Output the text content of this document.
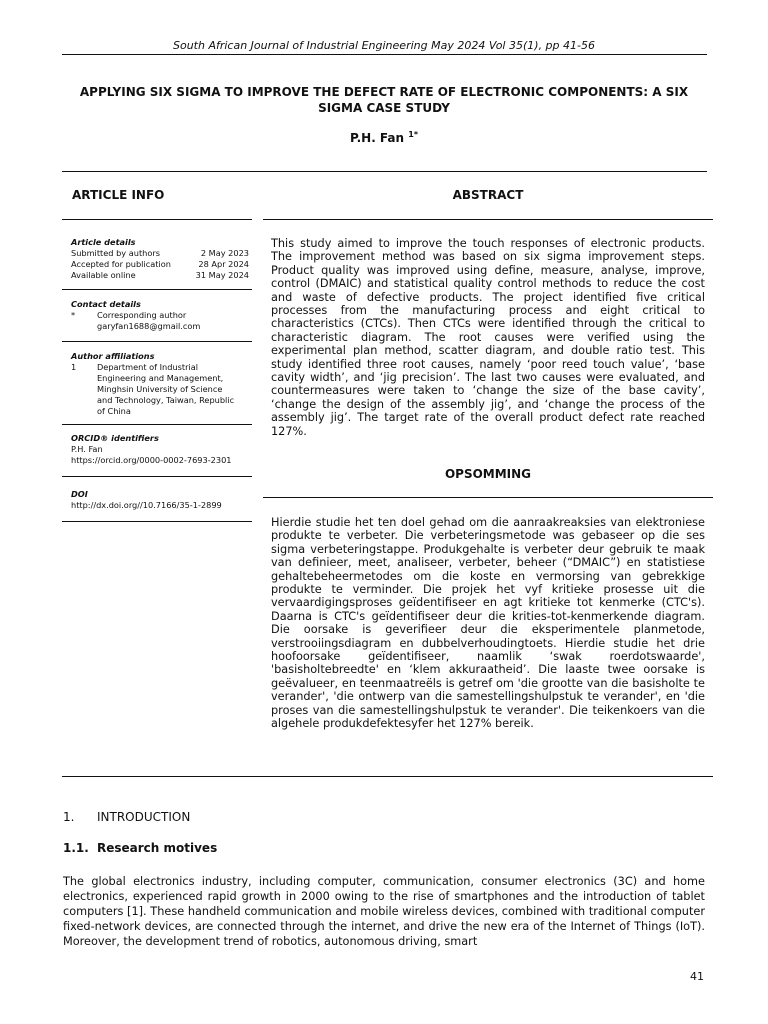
South African Journal of Industrial Engineering May 2024 Vol 35(1), pp 41-56
APPLYING SIX SIGMA TO IMPROVE THE DEFECT RATE OF ELECTRONIC COMPONENTS: A SIX SIGMA CASE STUDY
P.H. Fan $^{1*}$
ARTICLE INFO	ABSTRACT
Article details
Submitted by authors	2 May 2023
Accepted for publication	28 Apr 2024
Available online	31 May 2024
Contact details
*	Corresponding author
garyfan1688@gmail.com
Author affiliations
1	Department of Industrial Engineering and Management, Minghsin University of Science and Technology, Taiwan, Republic of China
ORCID® identifiers
P.H. Fan
https://orcid.org/0000-0002-7693-2301
DOI
http://dx.doi.org//10.7166/35-1-2899
This study aimed to improve the touch responses of electronic products. The improvement method was based on six sigma improvement steps. Product quality was improved using define, measure, analyse, improve, control (DMAIC) and statistical quality control methods to reduce the cost and waste of defective products. The project identified five critical processes from the manufacturing process and eight critical to characteristics (CTCs). Then CTCs were identified through the critical to characteristic diagram. The root causes were verified using the experimental plan method, scatter diagram, and double ratio test. This study identified three root causes, namely ‘poor reed touch value’, ‘base cavity width’, and ‘jig precision’. The last two causes were evaluated, and countermeasures were taken to ‘change the size of the base cavity’, ‘change the design of the assembly jig’, and ‘change the process of the assembly jig’. The target rate of the overall product defect rate reached 127%.
OPSOMMING
Hierdie studie het ten doel gehad om die aanraakreaksies van elektroniese produkte te verbeter. Die verbeteringsmetode was gebaseer op die ses sigma verbeteringstappe. Produkgehalte is verbeter deur gebruik te maak van definieer, meet, analiseer, verbeter, beheer (“DMAIC”) en statistiese gehaltebeheermetodes om die koste en vermorsing van gebrekkige produkte te verminder. Die projek het vyf kritieke prosesse uit die vervaardigingsproses geïdentifiseer en agt kritieke tot kenmerke (CTC's). Daarna is CTC's geïdentifiseer deur die krities-tot-kenmerkende diagram. Die oorsake is geverifieer deur die eksperimentele planmetode, verstrooiingsdiagram en dubbelverhoudingtoets. Hierdie studie het drie hoofoorsake geïdentifiseer, naamlik ‘swak roerdotswaarde', 'basisholtebreedte' en ‘klem akkuraatheid’. Die laaste twee oorsake is geëvalueer, en teenmaatreëls is getref om 'die grootte van die basisholte te verander', 'die ontwerp van die samestellingshulpstuk te verander', en 'die proses van die samestellingshulpstuk te verander'. Die teikenkoers van die algehele produkdefektesyfer het 127% bereik.
1. INTRODUCTION
1.1. Research motives
The global electronics industry, including computer, communication, consumer electronics (3C) and home electronics, experienced rapid growth in 2000 owing to the rise of smartphones and the introduction of tablet computers [1]. These handheld communication and mobile wireless devices, combined with traditional computer fixed-network devices, are connected through the internet, and drive the new era of the Internet of Things (IoT). Moreover, the development trend of robotics, autonomous driving, smart
41
